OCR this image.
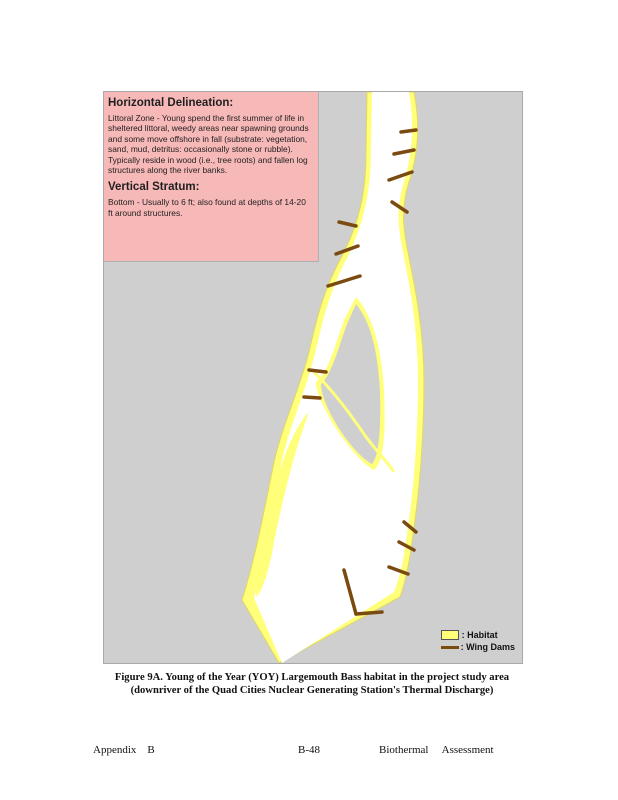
Horizontal Delineation:
Littoral Zone - Young spend the first summer of life in sheltered littoral, weedy areas near spawning grounds and some move offshore in fall (substrate: vegetation, sand, mud, detritus: occasionally stone or rubble). Typically reside in wood (i.e., tree roots) and fallen log structures along the river banks.
Vertical Stratum:
Bottom - Usually to 6 ft; also found at depths of 14-20 ft around structures.
: Habitat
: Wing Dams
Figure 9A. Young of the Year (YOY) Largemouth Bass habitat in the project study area
(downriver of the Quad Cities Nuclear Generating Station's Thermal Discharge)
Appendix    B	B-48	Biothermal     Assessment
